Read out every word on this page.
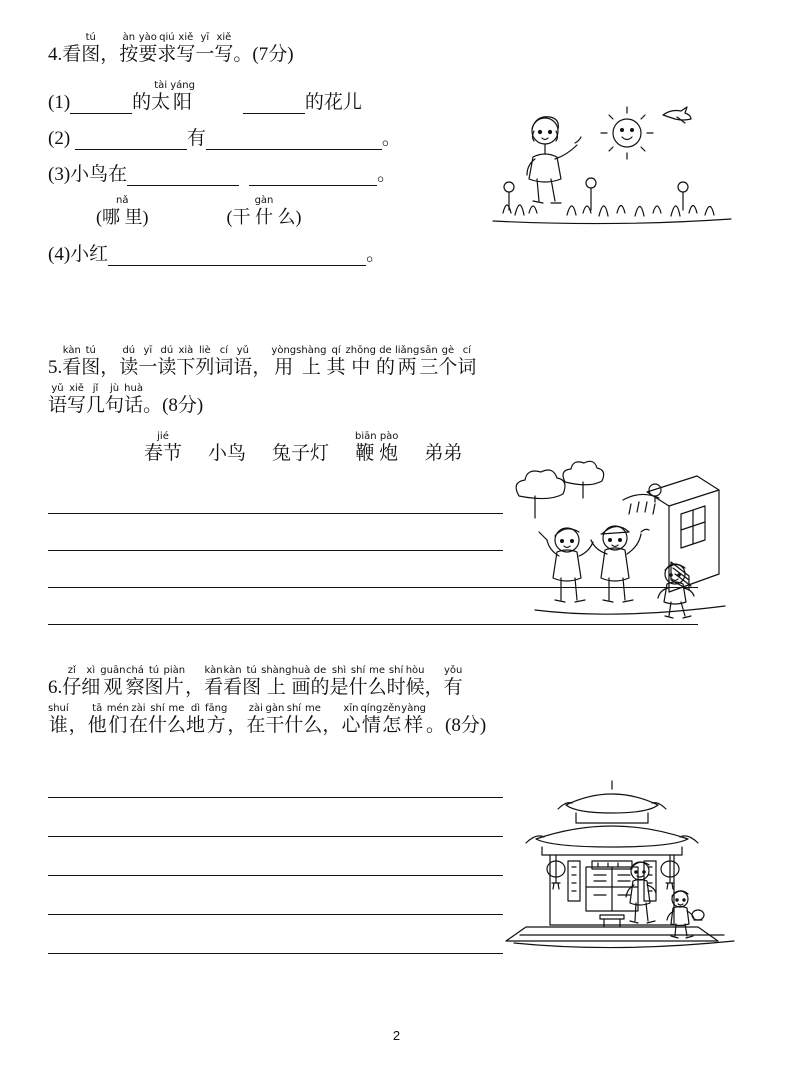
4. 看
tú
图 ，
àn
按
yào
要
qiú
求
xiě
写
yī
一
xiě
写 。 (7分)
(1)	的
tài
太
yáng
阳
	的花儿
(2)
	有	。
(3) 小鸟在
	。
nǎ
(哪 里)
gàn
(干 什 么)
(4) 小红	。
5.
kàn
看
tú
图 ，
dú
读
yī
一
dú
读
xià
下
liè
列
cí
词
yǔ
语 ，
yòng
用
shàng
上
qí
其
zhōng
中
de
的
liǎng
两
sān
三
gè
个
cí
词
yǔ
语
xiě
写
jǐ
几
jù
句
huà
话 。 (8分)
jié
春节 小鸟 兔子灯
biān pào
鞭 炮 弟弟
6.
zǐ
仔
xì
细
guān
观
chá
察
tú
图
piàn
片 ，
kàn
看
kàn
看
tú
图
shàng
上
huà
画
de
的
shì
是
shí
什
me
么
shí
时
hòu
候 ，
yǒu
有
shuí
谁 ，
tā
他
mén
们
zài
在
shí
什
me
么
dì
地
fāng
方 ，
zài
在
gàn
干
shí
什
me
么 ，
xīn
心
qíng
情
zěn
怎
yàng
样 。 (8分)
2
